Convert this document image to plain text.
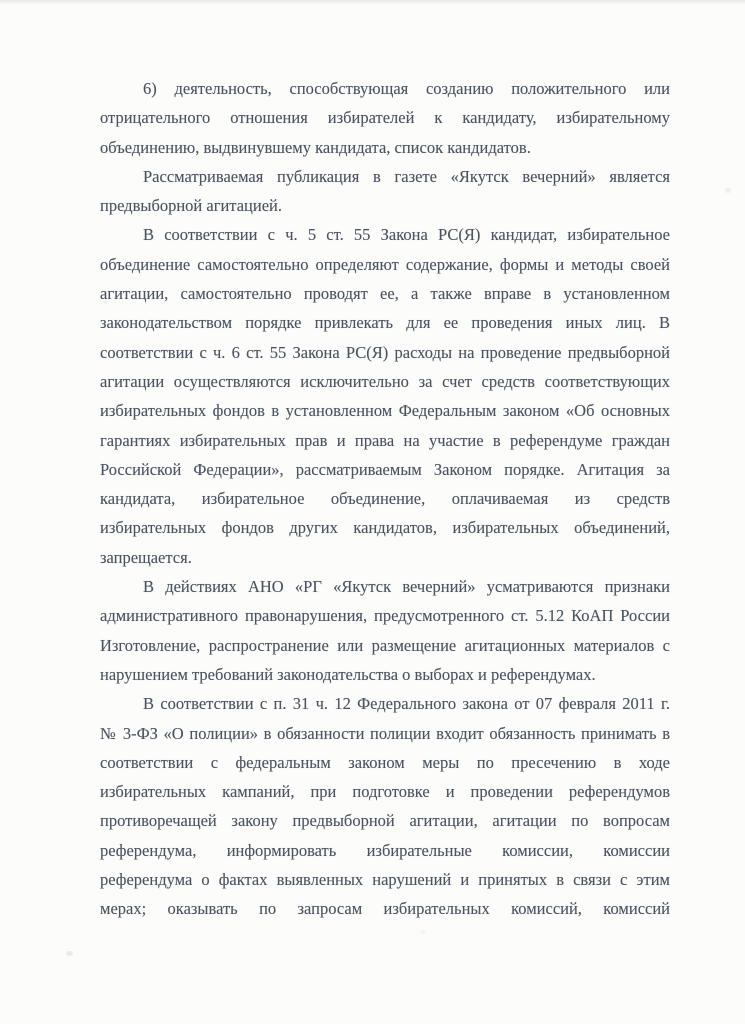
6) деятельность, способствующая созданию положительного или
отрицательного отношения избирателей к кандидату, избирательному
объединению, выдвинувшему кандидата, список кандидатов.
Рассматриваемая публикация в газете «Якутск вечерний» является
предвыборной агитацией.
В соответствии с ч. 5 ст. 55 Закона РС(Я) кандидат, избирательное
объединение самостоятельно определяют содержание, формы и методы своей
агитации, самостоятельно проводят ее, а также вправе в установленном
законодательством порядке привлекать для ее проведения иных лиц. В
соответствии с ч. 6 ст. 55 Закона РС(Я) расходы на проведение предвыборной
агитации осуществляются исключительно за счет средств соответствующих
избирательных фондов в установленном Федеральным законом «Об основных
гарантиях избирательных прав и права на участие в референдуме граждан
Российской Федерации», рассматриваемым Законом порядке. Агитация за
кандидата, избирательное объединение, оплачиваемая из средств
избирательных фондов других кандидатов, избирательных объединений,
запрещается.
В действиях АНО «РГ «Якутск вечерний» усматриваются признаки
административного правонарушения, предусмотренного ст. 5.12 КоАП России
Изготовление, распространение или размещение агитационных материалов с
нарушением требований законодательства о выборах и референдумах.
В соответствии с п. 31 ч. 12 Федерального закона от 07 февраля 2011 г.
№ 3-ФЗ «О полиции» в обязанности полиции входит обязанность принимать в
соответствии с федеральным законом меры по пресечению в ходе
избирательных кампаний, при подготовке и проведении референдумов
противоречащей закону предвыборной агитации, агитации по вопросам
референдума, информировать избирательные комиссии, комиссии
референдума о фактах выявленных нарушений и принятых в связи с этим
мерах; оказывать по запросам избирательных комиссий, комиссий
